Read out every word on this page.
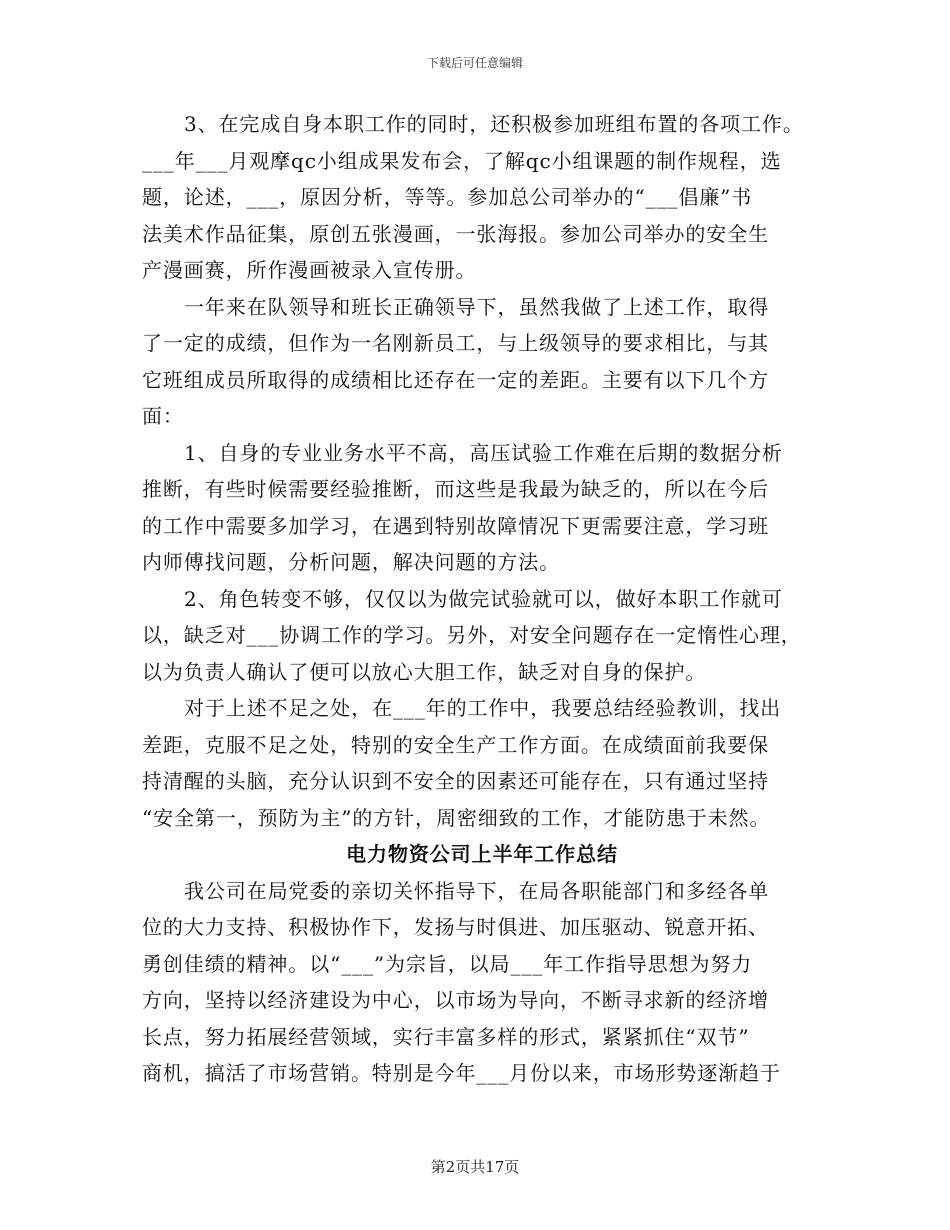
下载后可任意编辑
3、在完成自身本职工作的同时，还积极参加班组布置的各项工作。
___年___月观摩qc小组成果发布会，了解qc小组课题的制作规程，选
题，论述，___，原因分析，等等。参加总公司举办的“___倡廉”书
法美术作品征集，原创五张漫画，一张海报。参加公司举办的安全生
产漫画赛，所作漫画被录入宣传册。
一年来在队领导和班长正确领导下，虽然我做了上述工作，取得
了一定的成绩，但作为一名刚新员工，与上级领导的要求相比，与其
它班组成员所取得的成绩相比还存在一定的差距。主要有以下几个方
面：
1、自身的专业业务水平不高，高压试验工作难在后期的数据分析
推断，有些时候需要经验推断，而这些是我最为缺乏的，所以在今后
的工作中需要多加学习，在遇到特别故障情况下更需要注意，学习班
内师傅找问题，分析问题，解决问题的方法。
2、角色转变不够，仅仅以为做完试验就可以，做好本职工作就可
以，缺乏对___协调工作的学习。另外，对安全问题存在一定惰性心理，
以为负责人确认了便可以放心大胆工作，缺乏对自身的保护。
对于上述不足之处，在___年的工作中，我要总结经验教训，找出
差距，克服不足之处，特别的安全生产工作方面。在成绩面前我要保
持清醒的头脑，充分认识到不安全的因素还可能存在，只有通过坚持
“安全第一，预防为主”的方针，周密细致的工作，才能防患于未然。
电力物资公司上半年工作总结
我公司在局党委的亲切关怀指导下，在局各职能部门和多经各单
位的大力支持、积极协作下，发扬与时俱进、加压驱动、锐意开拓、
勇创佳绩的精神。以“___”为宗旨，以局___年工作指导思想为努力
方向，坚持以经济建设为中心，以市场为导向，不断寻求新的经济增
长点，努力拓展经营领域，实行丰富多样的形式，紧紧抓住“双节”
商机，搞活了市场营销。特别是今年___月份以来，市场形势逐渐趋于
第2页共17页
